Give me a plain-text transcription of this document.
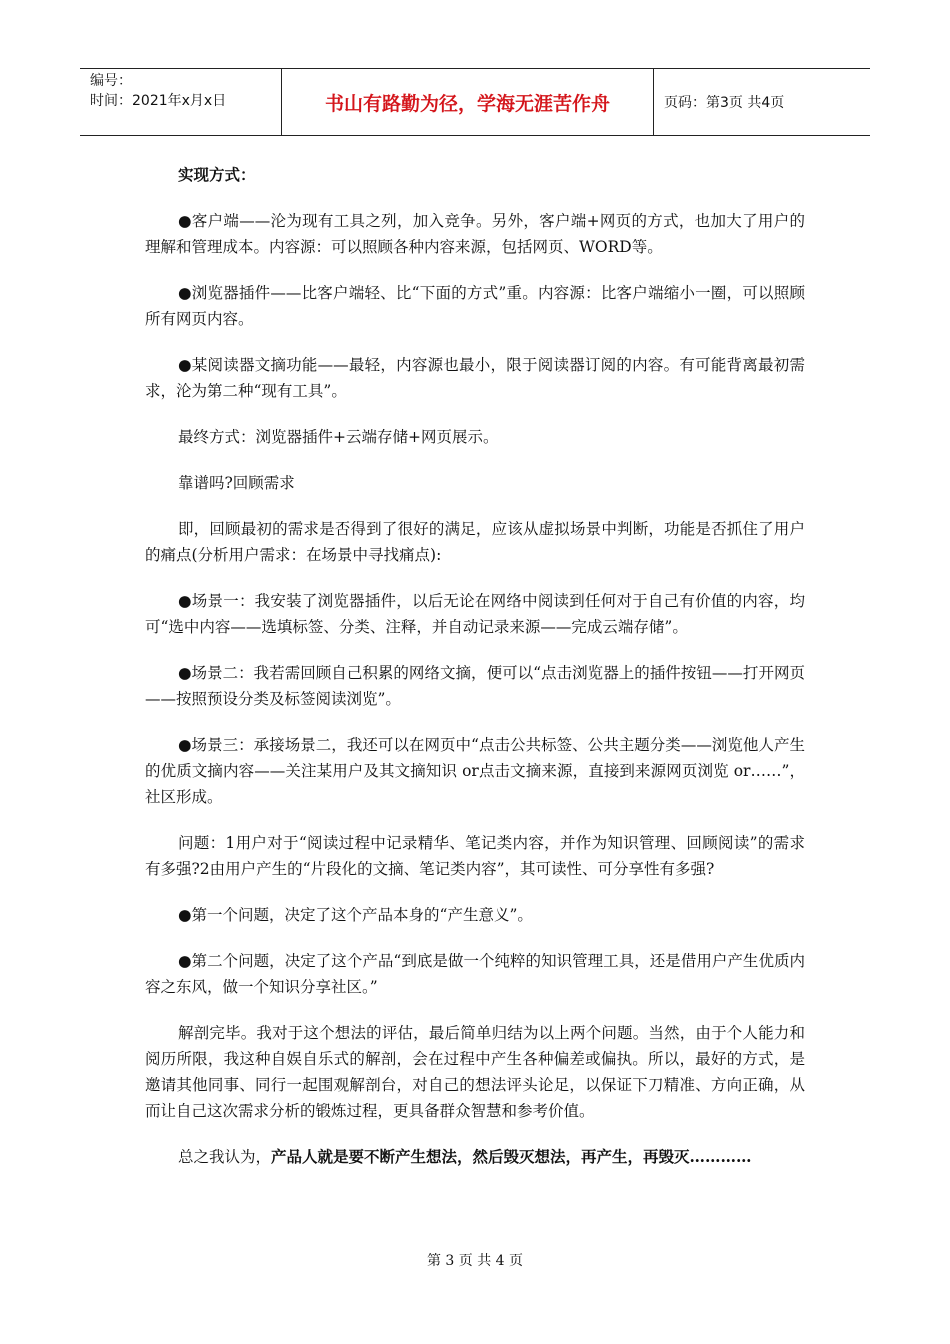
编号：
时间：2021年x月x日	书山有路勤为径，学海无涯苦作舟	页码：第3页 共4页

实现方式：

●客户端——沦为现有工具之列，加入竞争。另外，客户端+网页的方式，也加大了用户的理解和管理成本。内容源：可以照顾各种内容来源，包括网页、WORD等。

●浏览器插件——比客户端轻、比“下面的方式”重。内容源：比客户端缩小一圈，可以照顾所有网页内容。

●某阅读器文摘功能——最轻，内容源也最小，限于阅读器订阅的内容。有可能背离最初需求，沦为第二种“现有工具”。

最终方式：浏览器插件+云端存储+网页展示。

靠谱吗?回顾需求

即，回顾最初的需求是否得到了很好的满足，应该从虚拟场景中判断，功能是否抓住了用户的痛点(分析用户需求：在场景中寻找痛点):

●场景一：我安装了浏览器插件，以后无论在网络中阅读到任何对于自己有价值的内容，均可“选中内容——选填标签、分类、注释，并自动记录来源——完成云端存储”。

●场景二：我若需回顾自己积累的网络文摘，便可以“点击浏览器上的插件按钮——打开网页——按照预设分类及标签阅读浏览”。

●场景三：承接场景二，我还可以在网页中“点击公共标签、公共主题分类——浏览他人产生的优质文摘内容——关注某用户及其文摘知识 or点击文摘来源，直接到来源网页浏览 or……”，社区形成。

问题：1用户对于“阅读过程中记录精华、笔记类内容，并作为知识管理、回顾阅读”的需求有多强?2由用户产生的“片段化的文摘、笔记类内容”，其可读性、可分享性有多强?

●第一个问题，决定了这个产品本身的“产生意义”。

●第二个问题，决定了这个产品“到底是做一个纯粹的知识管理工具，还是借用户产生优质内容之东风，做一个知识分享社区。”

解剖完毕。我对于这个想法的评估，最后简单归结为以上两个问题。当然，由于个人能力和阅历所限，我这种自娱自乐式的解剖，会在过程中产生各种偏差或偏执。所以，最好的方式，是邀请其他同事、同行一起围观解剖台，对自己的想法评头论足，以保证下刀精准、方向正确，从而让自己这次需求分析的锻炼过程，更具备群众智慧和参考价值。

总之我认为，产品人就是要不断产生想法，然后毁灭想法，再产生，再毁灭…………

第 3 页 共 4 页
